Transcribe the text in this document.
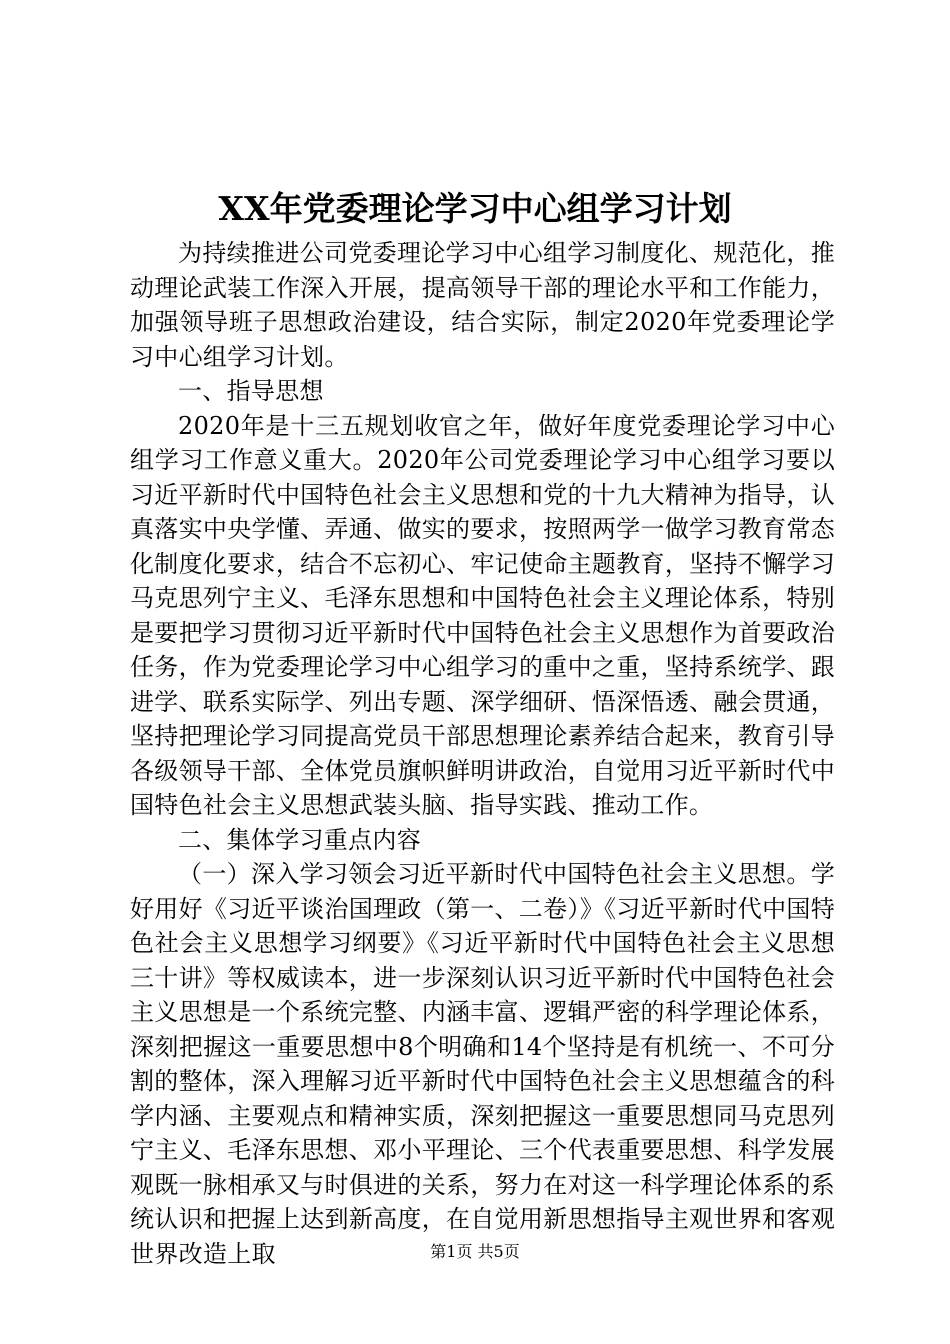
XX年党委理论学习中心组学习计划

为持续推进公司党委理论学习中心组学习制度化、规范化，推动理论武装工作深入开展，提高领导干部的理论水平和工作能力，加强领导班子思想政治建设，结合实际，制定2020年党委理论学习中心组学习计划。

一、指导思想

2020年是十三五规划收官之年，做好年度党委理论学习中心组学习工作意义重大。2020年公司党委理论学习中心组学习要以习近平新时代中国特色社会主义思想和党的十九大精神为指导，认真落实中央学懂、弄通、做实的要求，按照两学一做学习教育常态化制度化要求，结合不忘初心、牢记使命主题教育，坚持不懈学习马克思列宁主义、毛泽东思想和中国特色社会主义理论体系，特别是要把学习贯彻习近平新时代中国特色社会主义思想作为首要政治任务，作为党委理论学习中心组学习的重中之重，坚持系统学、跟进学、联系实际学、列出专题、深学细研、悟深悟透、融会贯通，坚持把理论学习同提高党员干部思想理论素养结合起来，教育引导各级领导干部、全体党员旗帜鲜明讲政治，自觉用习近平新时代中国特色社会主义思想武装头脑、指导实践、推动工作。

二、集体学习重点内容

（一）深入学习领会习近平新时代中国特色社会主义思想。学好用好《习近平谈治国理政（第一、二卷）》《习近平新时代中国特色社会主义思想学习纲要》《习近平新时代中国特色社会主义思想三十讲》等权威读本，进一步深刻认识习近平新时代中国特色社会主义思想是一个系统完整、内涵丰富、逻辑严密的科学理论体系，深刻把握这一重要思想中8个明确和14个坚持是有机统一、不可分割的整体，深入理解习近平新时代中国特色社会主义思想蕴含的科学内涵、主要观点和精神实质，深刻把握这一重要思想同马克思列宁主义、毛泽东思想、邓小平理论、三个代表重要思想、科学发展观既一脉相承又与时俱进的关系，努力在对这一科学理论体系的系统认识和把握上达到新高度，在自觉用新思想指导主观世界和客观世界改造上取	第1页 共5页
